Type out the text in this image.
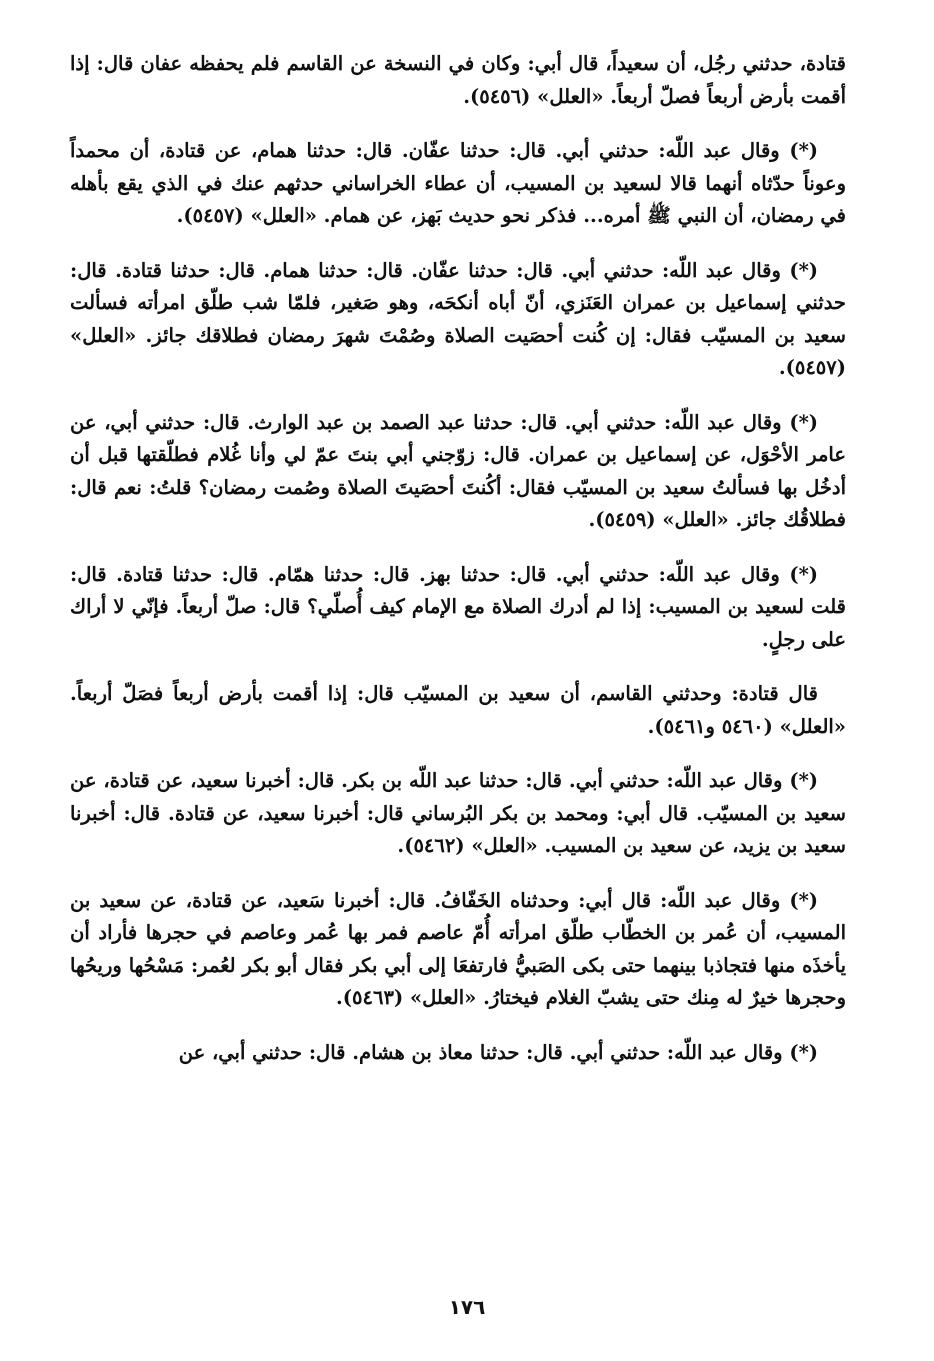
قتادة، حدثني رجُل، أن سعيداً، قال أبي: وكان في النسخة عن القاسم فلم يحفظه عفان قال: إذا أقمت بأرض أربعاً فصلّ أربعاً. «العلل» (٥٤٥٦).

(*) وقال عبد اللّه: حدثني أبي. قال: حدثنا عفّان. قال: حدثنا همام، عن قتادة، أن محمداً وعوناً حدّثاه أنهما قالا لسعيد بن المسيب، أن عطاء الخراساني حدثهم عنك في الذي يقع بأهله في رمضان، أن النبي ﷺ أمره... فذكر نحو حديث بَهز، عن همام. «العلل» (٥٤٥٧).

(*) وقال عبد اللّه: حدثني أبي. قال: حدثنا عفّان. قال: حدثنا همام. قال: حدثنا قتادة. قال: حدثني إسماعيل بن عمران العَنَزي، أنّ أباه أنكحَه، وهو صَغير، فلمّا شب طلّق امرأته فسألت سعيد بن المسيّب فقال: إن كُنت أحصَيت الصلاة وصُمْتَ شهرَ رمضان فطلاقك جائز. «العلل» (٥٤٥٧).

(*) وقال عبد اللّه: حدثني أبي. قال: حدثنا عبد الصمد بن عبد الوارث. قال: حدثني أبي، عن عامر الأحْوَل، عن إسماعيل بن عمران. قال: زوّجني أبي بنتَ عمّ لي وأنا غُلام فطلّقتها قبل أن أدخُل بها فسألتُ سعيد بن المسيّب فقال: أكُنتَ أحصَيتَ الصلاة وصُمت رمضان؟ قلتُ: نعم قال: فطلاقُك جائز. «العلل» (٥٤٥٩).

(*) وقال عبد اللّه: حدثني أبي. قال: حدثنا بهز. قال: حدثنا همّام. قال: حدثنا قتادة. قال: قلت لسعيد بن المسيب: إذا لم أدرك الصلاة مع الإمام كيف أُصلّي؟ قال: صلّ أربعاً. فإنّي لا أراك على رجلٍ.

قال قتادة: وحدثني القاسم، أن سعيد بن المسيّب قال: إذا أقمت بأرض أربعاً فصَلّ أربعاً. «العلل» (٥٤٦٠ و٥٤٦١).

(*) وقال عبد اللّه: حدثني أبي. قال: حدثنا عبد اللّه بن بكر. قال: أخبرنا سعيد، عن قتادة، عن سعيد بن المسيّب. قال أبي: ومحمد بن بكر البُرساني قال: أخبرنا سعيد، عن قتادة. قال: أخبرنا سعيد بن يزيد، عن سعيد بن المسيب. «العلل» (٥٤٦٢).

(*) وقال عبد اللّه: قال أبي: وحدثناه الخَفّافُ. قال: أخبرنا سَعيد، عن قتادة، عن سعيد بن المسيب، أن عُمر بن الخطّاب طلّق امرأته أُمّ عاصم فمر بها عُمر وعاصم في حجرها فأراد أن يأخذَه منها فتجاذبا بينهما حتى بكى الصَبيُّ فارتفعَا إلى أبي بكر فقال أبو بكر لعُمر: مَسْحُها وريحُها وحجرها خيرٌ له مِنك حتى يشبّ الغلام فيختارُ. «العلل» (٥٤٦٣).

(*) وقال عبد اللّه: حدثني أبي. قال: حدثنا معاذ بن هشام. قال: حدثني أبي، عن

١٧٦
